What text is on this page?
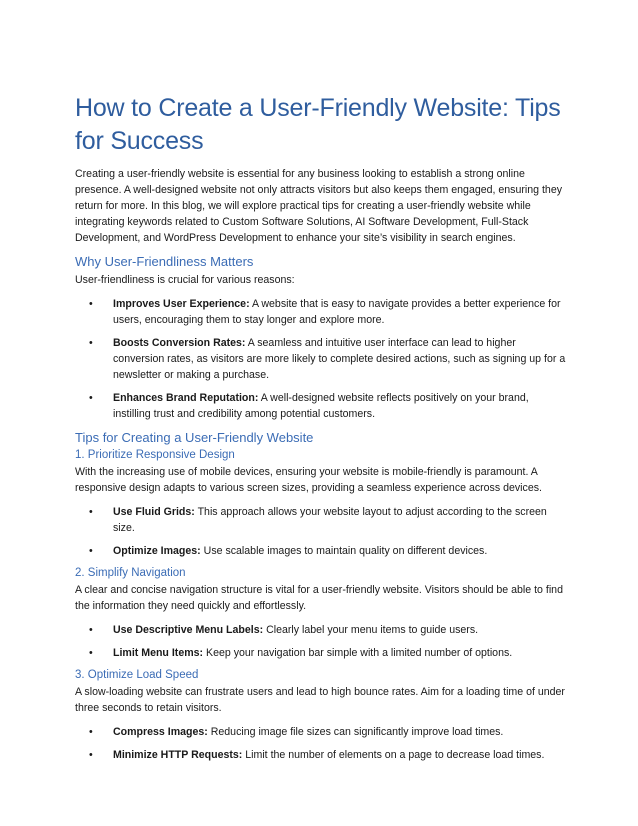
How to Create a User-Friendly Website: Tips for Success

Creating a user-friendly website is essential for any business looking to establish a strong online presence. A well-designed website not only attracts visitors but also keeps them engaged, ensuring they return for more. In this blog, we will explore practical tips for creating a user-friendly website while integrating keywords related to Custom Software Solutions, AI Software Development, Full-Stack Development, and WordPress Development to enhance your site’s visibility in search engines.

Why User-Friendliness Matters

User-friendliness is crucial for various reasons:

• Improves User Experience: A website that is easy to navigate provides a better experience for users, encouraging them to stay longer and explore more.
• Boosts Conversion Rates: A seamless and intuitive user interface can lead to higher conversion rates, as visitors are more likely to complete desired actions, such as signing up for a newsletter or making a purchase.
• Enhances Brand Reputation: A well-designed website reflects positively on your brand, instilling trust and credibility among potential customers.
Tips for Creating a User-Friendly Website
1. Prioritize Responsive Design

With the increasing use of mobile devices, ensuring your website is mobile-friendly is paramount. A responsive design adapts to various screen sizes, providing a seamless experience across devices.

• Use Fluid Grids: This approach allows your website layout to adjust according to the screen size.
• Optimize Images: Use scalable images to maintain quality on different devices.
2. Simplify Navigation

A clear and concise navigation structure is vital for a user-friendly website. Visitors should be able to find the information they need quickly and effortlessly.

• Use Descriptive Menu Labels: Clearly label your menu items to guide users.
• Limit Menu Items: Keep your navigation bar simple with a limited number of options.
3. Optimize Load Speed

A slow-loading website can frustrate users and lead to high bounce rates. Aim for a loading time of under three seconds to retain visitors.

• Compress Images: Reducing image file sizes can significantly improve load times.
• Minimize HTTP Requests: Limit the number of elements on a page to decrease load times.
